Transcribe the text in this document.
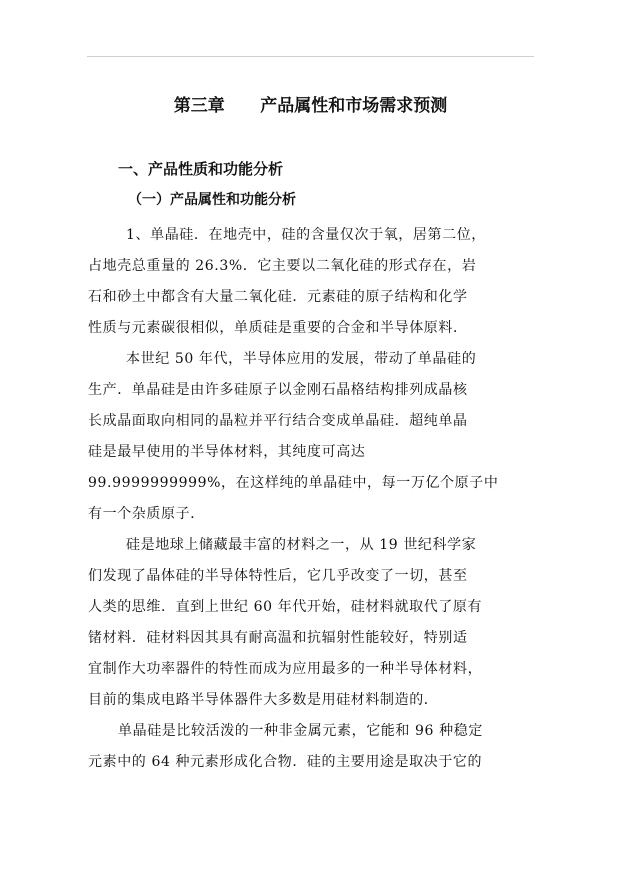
第三章      产品属性和市场需求预测
一、产品性质和功能分析
（一）产品属性和功能分析
1、单晶硅．在地壳中，硅的含量仅次于氧，居第二位，
占地壳总重量的 26.3%．它主要以二氧化硅的形式存在，岩
石和砂土中都含有大量二氧化硅．元素硅的原子结构和化学
性质与元素碳很相似，单质硅是重要的合金和半导体原料．
本世纪 50 年代，半导体应用的发展，带动了单晶硅的
生产．单晶硅是由许多硅原子以金刚石晶格结构排列成晶核
长成晶面取向相同的晶粒并平行结合变成单晶硅．超纯单晶
硅是最早使用的半导体材料，其纯度可高达
99.9999999999%，在这样纯的单晶硅中，每一万亿个原子中
有一个杂质原子．
硅是地球上储藏最丰富的材料之一，从 19 世纪科学家
们发现了晶体硅的半导体特性后，它几乎改变了一切，甚至
人类的思维．直到上世纪 60 年代开始，硅材料就取代了原有
锗材料．硅材料因其具有耐高温和抗辐射性能较好，特别适
宜制作大功率器件的特性而成为应用最多的一种半导体材料，
目前的集成电路半导体器件大多数是用硅材料制造的．
单晶硅是比较活泼的一种非金属元素，它能和 96 种稳定
元素中的 64 种元素形成化合物．硅的主要用途是取决于它的
